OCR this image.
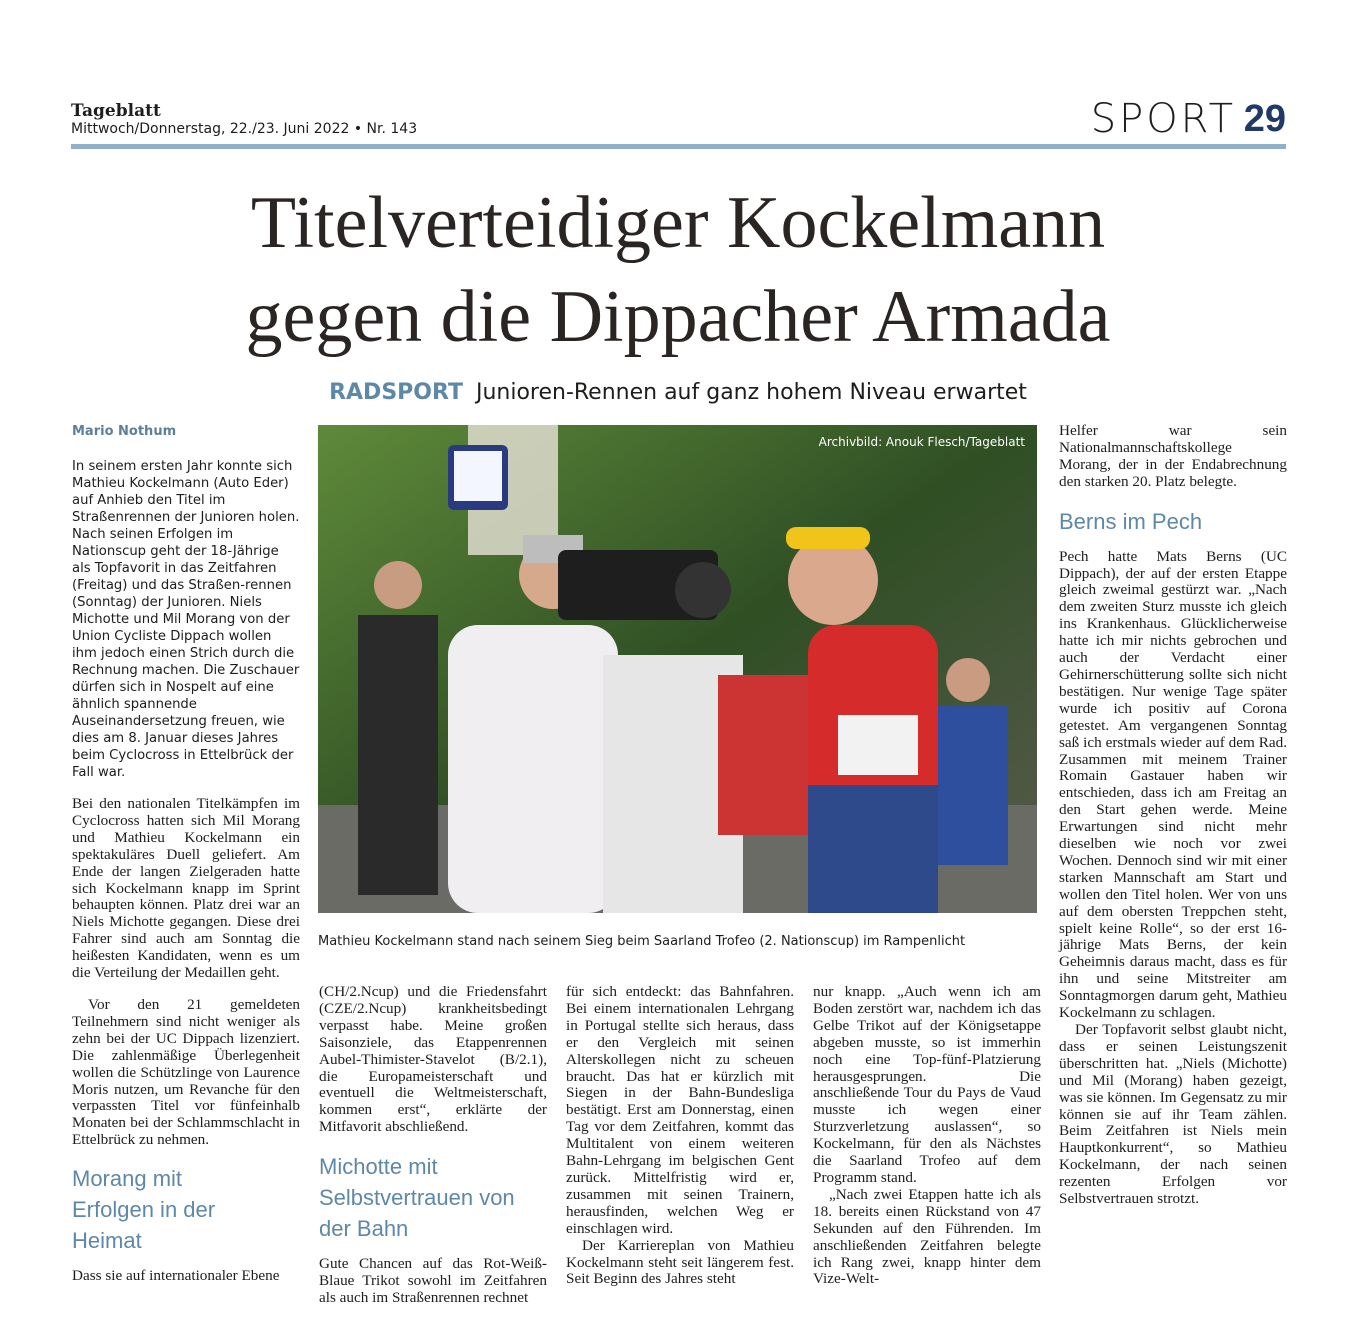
Tageblatt
Mittwoch/Donnerstag, 22./23. Juni 2022 • Nr. 143	SPORT 29
Titelverteidiger Kockelmann
gegen die Dippacher Armada
RADSPORT Junioren-Rennen auf ganz hohem Niveau erwartet
Mario Nothum

In seinem ersten Jahr konnte sich Mathieu Kockelmann (Auto Eder) auf Anhieb den Titel im Straßenrennen der Junioren holen. Nach seinen Erfolgen im Nationscup geht der 18-Jährige als Topfavorit in das Zeitfahren (Freitag) und das Straßen-rennen (Sonntag) der Junioren. Niels Michotte und Mil Morang von der Union Cycliste Dippach wollen ihm jedoch einen Strich durch die Rechnung machen. Die Zuschauer dürfen sich in Nospelt auf eine ähnlich spannende Auseinandersetzung freuen, wie dies am 8. Januar dieses Jahres beim Cyclocross in Ettelbrück der Fall war.

Bei den nationalen Titelkämpfen im Cyclocross hatten sich Mil Morang und Mathieu Kockelmann ein spektakuläres Duell geliefert. Am Ende der langen Zielgeraden hatte sich Kockelmann knapp im Sprint behaupten können. Platz drei war an Niels Michotte gegangen. Diese drei Fahrer sind auch am Sonntag die heißesten Kandidaten, wenn es um die Verteilung der Medaillen geht.

Vor den 21 gemeldeten Teilnehmern sind nicht weniger als zehn bei der UC Dippach lizenziert. Die zahlenmäßige Überlegenheit wollen die Schützlinge von Laurence Moris nutzen, um Revanche für den verpassten Titel vor fünfeinhalb Monaten bei der Schlammschlacht in Ettelbrück zu nehmen.

Morang mit Erfolgen in der Heimat

Dass sie auf internationaler Ebene

Archivbild: Anouk Flesch/Tageblatt
Mathieu Kockelmann stand nach seinem Sieg beim Saarland Trofeo (2. Nationscup) im Rampenlicht

(CH/2.Ncup) und die Friedensfahrt (CZE/2.Ncup) krankheitsbedingt verpasst habe. Meine großen Saisonziele, das Etappenrennen Aubel-Thimister-Stavelot (B/2.1), die Europameisterschaft und eventuell die Weltmeisterschaft, kommen erst“, erklärte der Mitfavorit abschließend.

Michotte mit Selbstvertrauen von der Bahn

Gute Chancen auf das Rot-Weiß-Blaue Trikot sowohl im Zeitfahren als auch im Straßenrennen rechnet

für sich entdeckt: das Bahnfahren. Bei einem internationalen Lehrgang in Portugal stellte sich heraus, dass er den Vergleich mit seinen Alterskollegen nicht zu scheuen braucht. Das hat er kürzlich mit Siegen in der Bahn-Bundesliga bestätigt. Erst am Donnerstag, einen Tag vor dem Zeitfahren, kommt das Multitalent von einem weiteren Bahn-Lehrgang im belgischen Gent zurück. Mittelfristig wird er, zusammen mit seinen Trainern, herausfinden, welchen Weg er einschlagen wird.

Der Karriereplan von Mathieu Kockelmann steht seit längerem fest. Seit Beginn des Jahres steht

nur knapp. „Auch wenn ich am Boden zerstört war, nachdem ich das Gelbe Trikot auf der Königsetappe abgeben musste, so ist immerhin noch eine Top-fünf-Platzierung herausgesprungen. Die anschließende Tour du Pays de Vaud musste ich wegen einer Sturzverletzung auslassen“, so Kockelmann, für den als Nächstes die Saarland Trofeo auf dem Programm stand.

„Nach zwei Etappen hatte ich als 18. bereits einen Rückstand von 47 Sekunden auf den Führenden. Im anschließenden Zeitfahren belegte ich Rang zwei, knapp hinter dem Vize-Welt-

Helfer war sein Nationalmannschaftskollege Morang, der in der Endabrechnung den starken 20. Platz belegte.

Berns im Pech

Pech hatte Mats Berns (UC Dippach), der auf der ersten Etappe gleich zweimal gestürzt war. „Nach dem zweiten Sturz musste ich gleich ins Krankenhaus. Glücklicherweise hatte ich mir nichts gebrochen und auch der Verdacht einer Gehirnerschütterung sollte sich nicht bestätigen. Nur wenige Tage später wurde ich positiv auf Corona getestet. Am vergangenen Sonntag saß ich erstmals wieder auf dem Rad. Zusammen mit meinem Trainer Romain Gastauer haben wir entschieden, dass ich am Freitag an den Start gehen werde. Meine Erwartungen sind nicht mehr dieselben wie noch vor zwei Wochen. Dennoch sind wir mit einer starken Mannschaft am Start und wollen den Titel holen. Wer von uns auf dem obersten Treppchen steht, spielt keine Rolle“, so der erst 16-jährige Mats Berns, der kein Geheimnis daraus macht, dass es für ihn und seine Mitstreiter am Sonntagmorgen darum geht, Mathieu Kockelmann zu schlagen.

Der Topfavorit selbst glaubt nicht, dass er seinen Leistungszenit überschritten hat. „Niels (Michotte) und Mil (Morang) haben gezeigt, was sie können. Im Gegensatz zu mir können sie auf ihr Team zählen. Beim Zeitfahren ist Niels mein Hauptkonkurrent“, so Mathieu Kockelmann, der nach seinen rezenten Erfolgen vor Selbstvertrauen strotzt.
